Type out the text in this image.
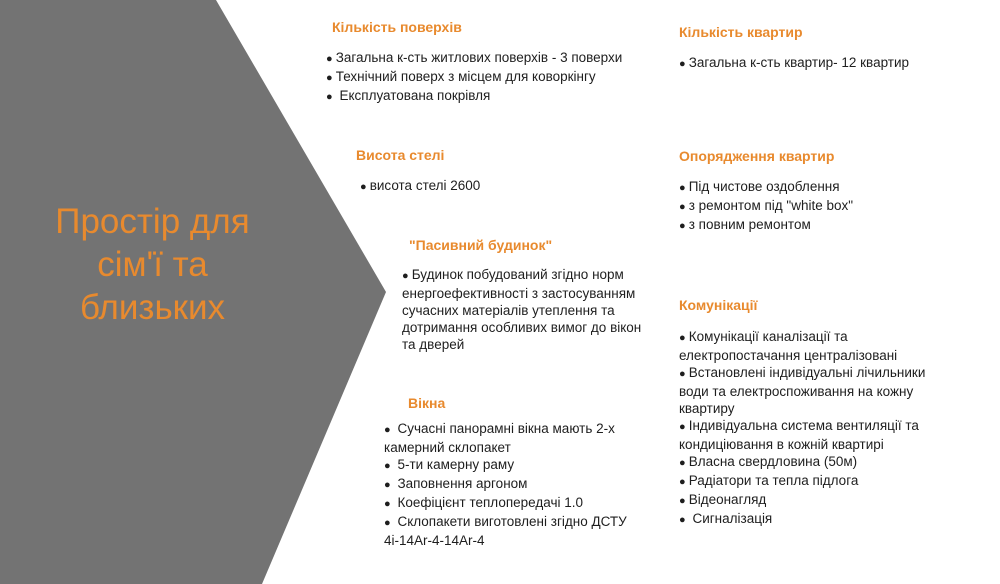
Простір для сім'ї та близьких
Кількість поверхів
● Загальна к-сть житлових поверхів - 3 поверхи
● Технічний поверх з місцем для коворкінгу
●  Експлуатована покрівля
Висота стелі
● висота стелі 2600
"Пасивний будинок"
● Будинок побудований згідно норм енергоефективності з застосуванням сучасних матеріалів утеплення та дотримання особливих вимог до вікон та дверей
Вікна
●  Сучасні панорамні вікна мають 2-х камерний склопакет
●  5-ти камерну раму
●  Заповнення аргоном
●  Коефіцієнт теплопередачі 1.0
●  Склопакети виготовлені згідно ДСТУ 4і-14Ar-4-14Ar-4
Кількість квартир
● Загальна к-сть квартир- 12 квартир
Опорядження квартир
● Під чистове оздоблення
● з ремонтом під "white box"
● з повним ремонтом
Комунікації
● Комунікації каналізації та електропостачання централізовані
● Встановлені індивідуальні лічильники води та електроспоживання на кожну квартиру
● Індивідуальна система вентиляції та кондиціювання в кожній квартирі
● Власна свердловина (50м)
● Радіатори та тепла підлога
● Відеонагляд
●  Сигналізація
